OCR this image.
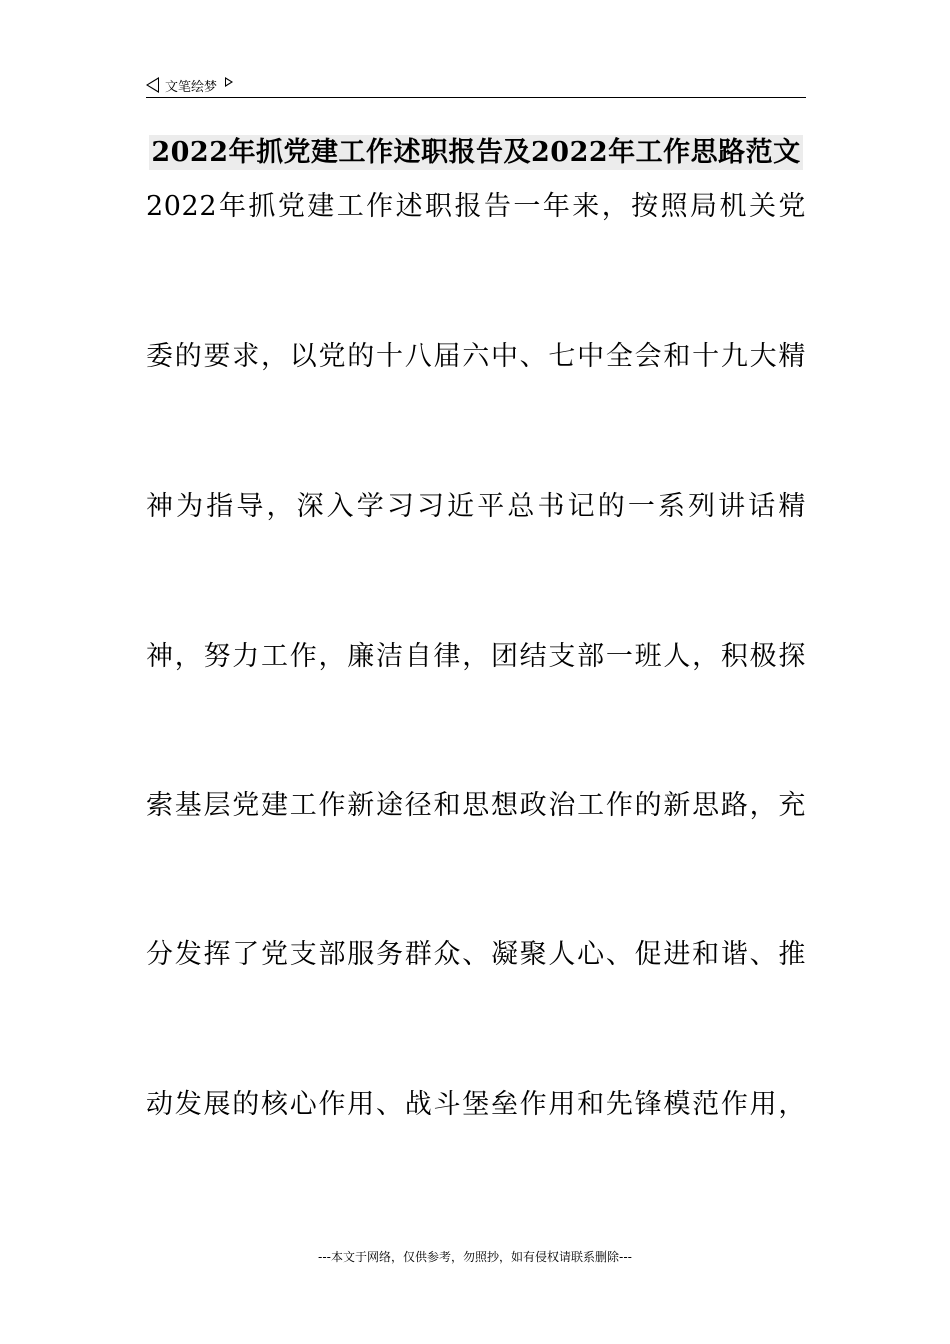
文笔绘梦
2022年抓党建工作述职报告及2022年工作思路范文
2022年抓党建工作述职报告一年来，按照局机关党
委的要求，以党的十八届六中、七中全会和十九大精
神为指导，深入学习习近平总书记的一系列讲话精
神，努力工作，廉洁自律，团结支部一班人，积极探
索基层党建工作新途径和思想政治工作的新思路，充
分发挥了党支部服务群众、凝聚人心、促进和谐、推
动发展的核心作用、战斗堡垒作用和先锋模范作用，
---本文于网络，仅供参考，勿照抄，如有侵权请联系删除---
